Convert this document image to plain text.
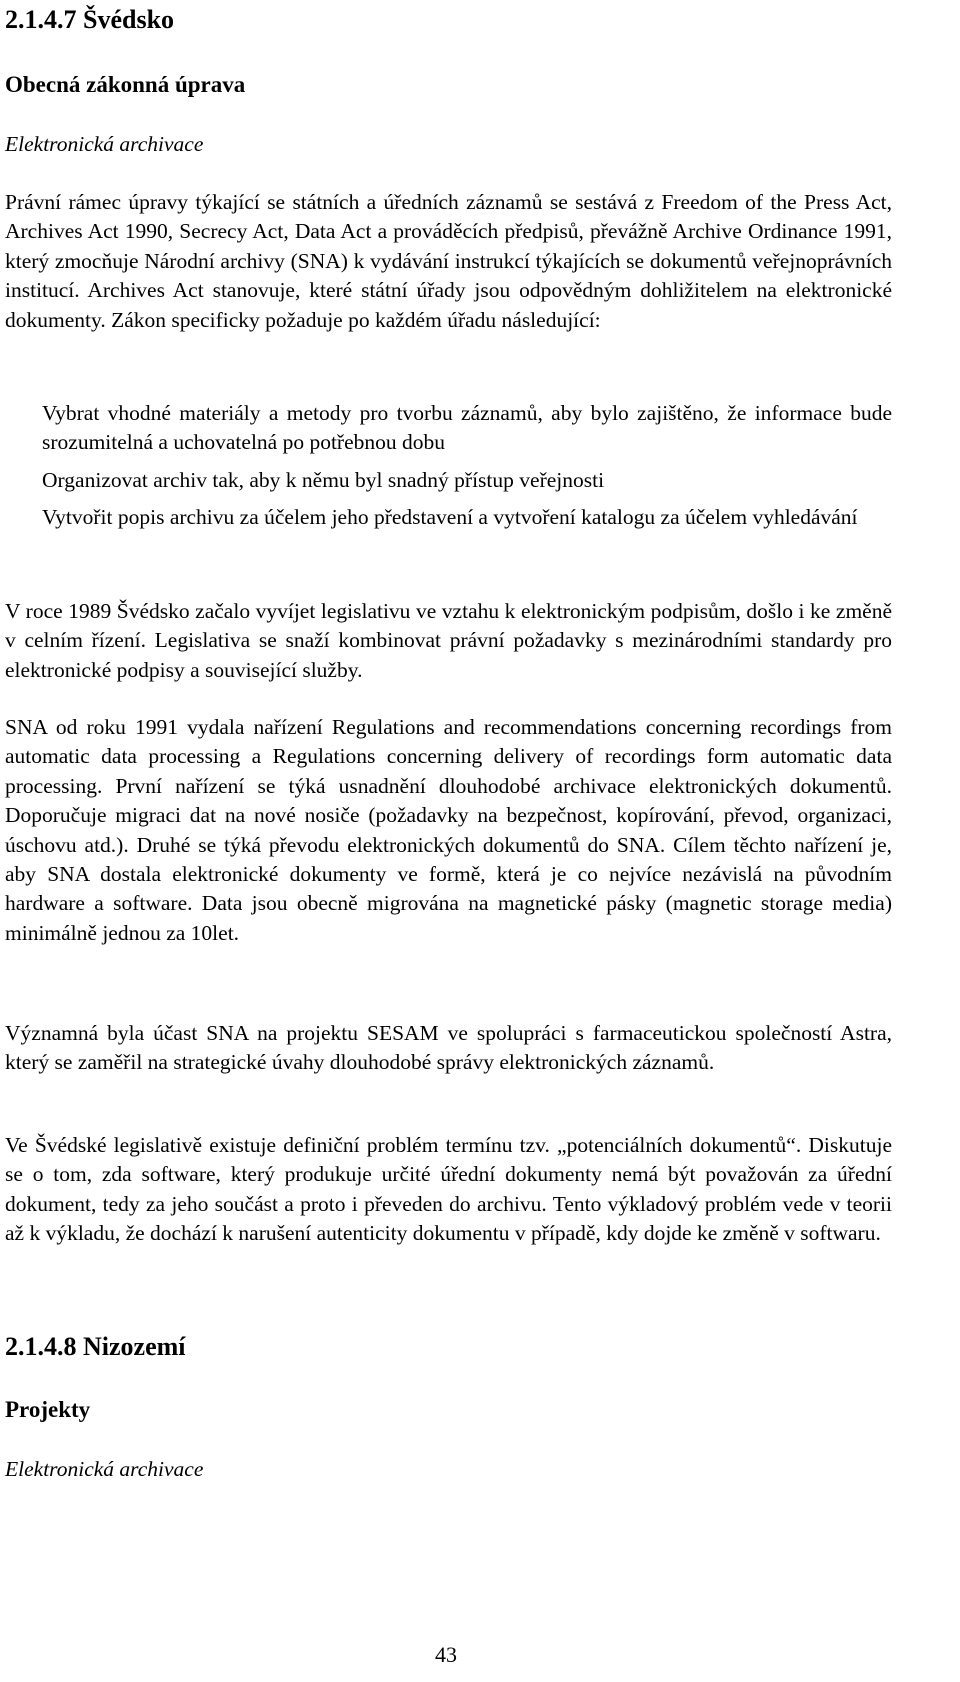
2.1.4.7 Švédsko
Obecná zákonná úprava
Elektronická archivace

Právní rámec úpravy týkající se státních a úředních záznamů se sestává z Freedom of the Press Act, Archives Act 1990, Secrecy Act, Data Act a prováděcích předpisů, převážně Archive Ordinance 1991, který zmocňuje Národní archivy (SNA) k vydávání instrukcí týkajících se dokumentů veřejnoprávních institucí. Archives Act stanovuje, které státní úřady jsou odpovědným dohližitelem na elektronické dokumenty. Zákon specificky požaduje po každém úřadu následující:

Vybrat vhodné materiály a metody pro tvorbu záznamů, aby bylo zajištěno, že informace bude srozumitelná a uchovatelná po potřebnou dobu

Organizovat archiv tak, aby k němu byl snadný přístup veřejnosti

Vytvořit popis archivu za účelem jeho představení a vytvoření katalogu za účelem vyhledávání

V roce 1989 Švédsko začalo vyvíjet legislativu ve vztahu k elektronickým podpisům, došlo i ke změně v celním řízení. Legislativa se snaží kombinovat právní požadavky s mezinárodními standardy pro elektronické podpisy a související služby.

SNA od roku 1991 vydala nařízení Regulations and recommendations concerning recordings from automatic data processing a Regulations concerning delivery of recordings form automatic data processing. První nařízení se týká usnadnění dlouhodobé archivace elektronických dokumentů. Doporučuje migraci dat na nové nosiče (požadavky na bezpečnost, kopírování, převod, organizaci, úschovu atd.). Druhé se týká převodu elektronických dokumentů do SNA. Cílem těchto nařízení je, aby SNA dostala elektronické dokumenty ve formě, která je co nejvíce nezávislá na původním hardware a software. Data jsou obecně migrována na magnetické pásky (magnetic storage media) minimálně jednou za 10let.

Významná byla účast SNA na projektu SESAM ve spolupráci s farmaceutickou společností Astra, který se zaměřil na strategické úvahy dlouhodobé správy elektronických záznamů.

Ve Švédské legislativě existuje definiční problém termínu tzv. „potenciálních dokumentů“. Diskutuje se o tom, zda software, který produkuje určité úřední dokumenty nemá být považován za úřední dokument, tedy za jeho součást a proto i převeden do archivu. Tento výkladový problém vede v teorii až k výkladu, že dochází k narušení autenticity dokumentu v případě, kdy dojde ke změně v softwaru.

2.1.4.8 Nizozemí
Projekty
Elektronická archivace
43
